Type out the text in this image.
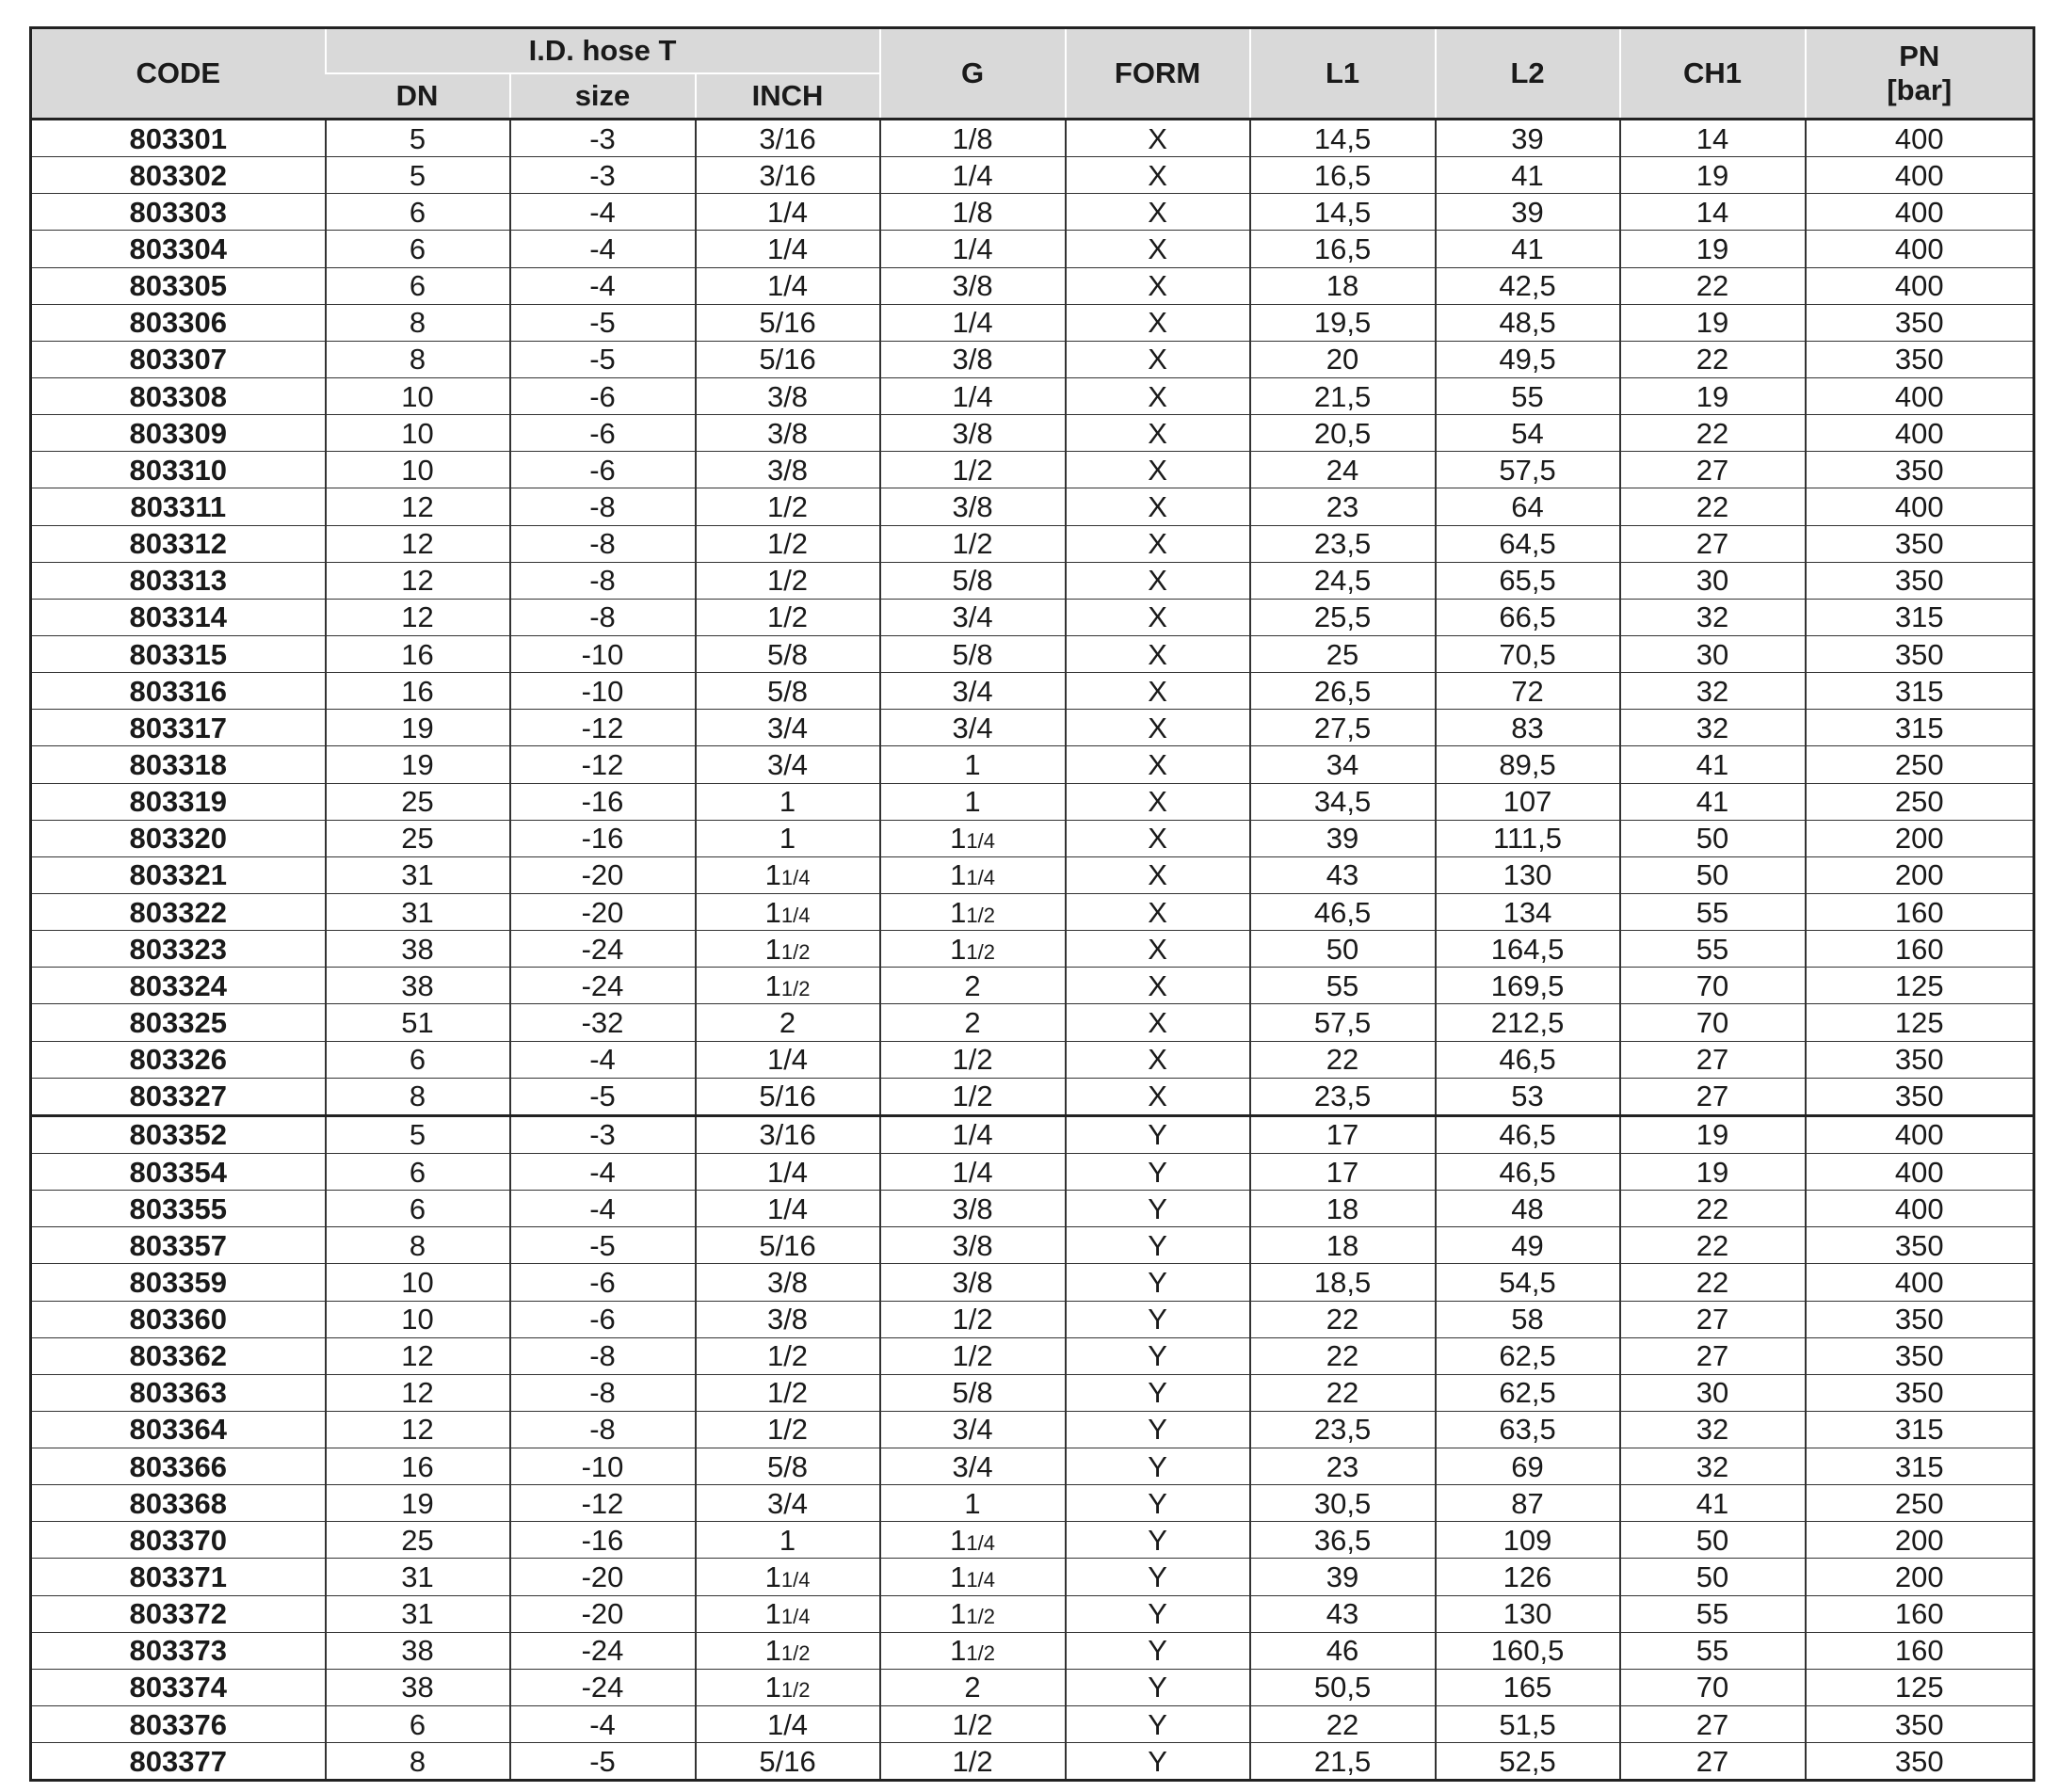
CODE	I.D. hose T			G	FORM	L1	L2	CH1	PN
[bar]

	DN	size	INCH						
803301	5	-3	3/16	1/8	X	14,5	39	14	400
803302	5	-3	3/16	1/4	X	16,5	41	19	400
803303	6	-4	1/4	1/8	X	14,5	39	14	400
803304	6	-4	1/4	1/4	X	16,5	41	19	400
803305	6	-4	1/4	3/8	X	18	42,5	22	400
803306	8	-5	5/16	1/4	X	19,5	48,5	19	350
803307	8	-5	5/16	3/8	X	20	49,5	22	350
803308	10	-6	3/8	1/4	X	21,5	55	19	400
803309	10	-6	3/8	3/8	X	20,5	54	22	400
803310	10	-6	3/8	1/2	X	24	57,5	27	350
803311	12	-8	1/2	3/8	X	23	64	22	400
803312	12	-8	1/2	1/2	X	23,5	64,5	27	350
803313	12	-8	1/2	5/8	X	24,5	65,5	30	350
803314	12	-8	1/2	3/4	X	25,5	66,5	32	315
803315	16	-10	5/8	5/8	X	25	70,5	30	350
803316	16	-10	5/8	3/4	X	26,5	72	32	315
803317	19	-12	3/4	3/4	X	27,5	83	32	315
803318	19	-12	3/4	1	X	34	89,5	41	250
803319	25	-16	1	1	X	34,5	107	41	250
803320	25	-16	1	11/4	X	39	111,5	50	200
803321	31	-20	11/4	11/4	X	43	130	50	200
803322	31	-20	11/4	11/2	X	46,5	134	55	160
803323	38	-24	11/2	11/2	X	50	164,5	55	160
803324	38	-24	11/2	2	X	55	169,5	70	125
803325	51	-32	2	2	X	57,5	212,5	70	125
803326	6	-4	1/4	1/2	X	22	46,5	27	350
803327	8	-5	5/16	1/2	X	23,5	53	27	350
803352	5	-3	3/16	1/4	Y	17	46,5	19	400
803354	6	-4	1/4	1/4	Y	17	46,5	19	400
803355	6	-4	1/4	3/8	Y	18	48	22	400
803357	8	-5	5/16	3/8	Y	18	49	22	350
803359	10	-6	3/8	3/8	Y	18,5	54,5	22	400
803360	10	-6	3/8	1/2	Y	22	58	27	350
803362	12	-8	1/2	1/2	Y	22	62,5	27	350
803363	12	-8	1/2	5/8	Y	22	62,5	30	350
803364	12	-8	1/2	3/4	Y	23,5	63,5	32	315
803366	16	-10	5/8	3/4	Y	23	69	32	315
803368	19	-12	3/4	1	Y	30,5	87	41	250
803370	25	-16	1	11/4	Y	36,5	109	50	200
803371	31	-20	11/4	11/4	Y	39	126	50	200
803372	31	-20	11/4	11/2	Y	43	130	55	160
803373	38	-24	11/2	11/2	Y	46	160,5	55	160
803374	38	-24	11/2	2	Y	50,5	165	70	125
803376	6	-4	1/4	1/2	Y	22	51,5	27	350
803377	8	-5	5/16	1/2	Y	21,5	52,5	27	350
